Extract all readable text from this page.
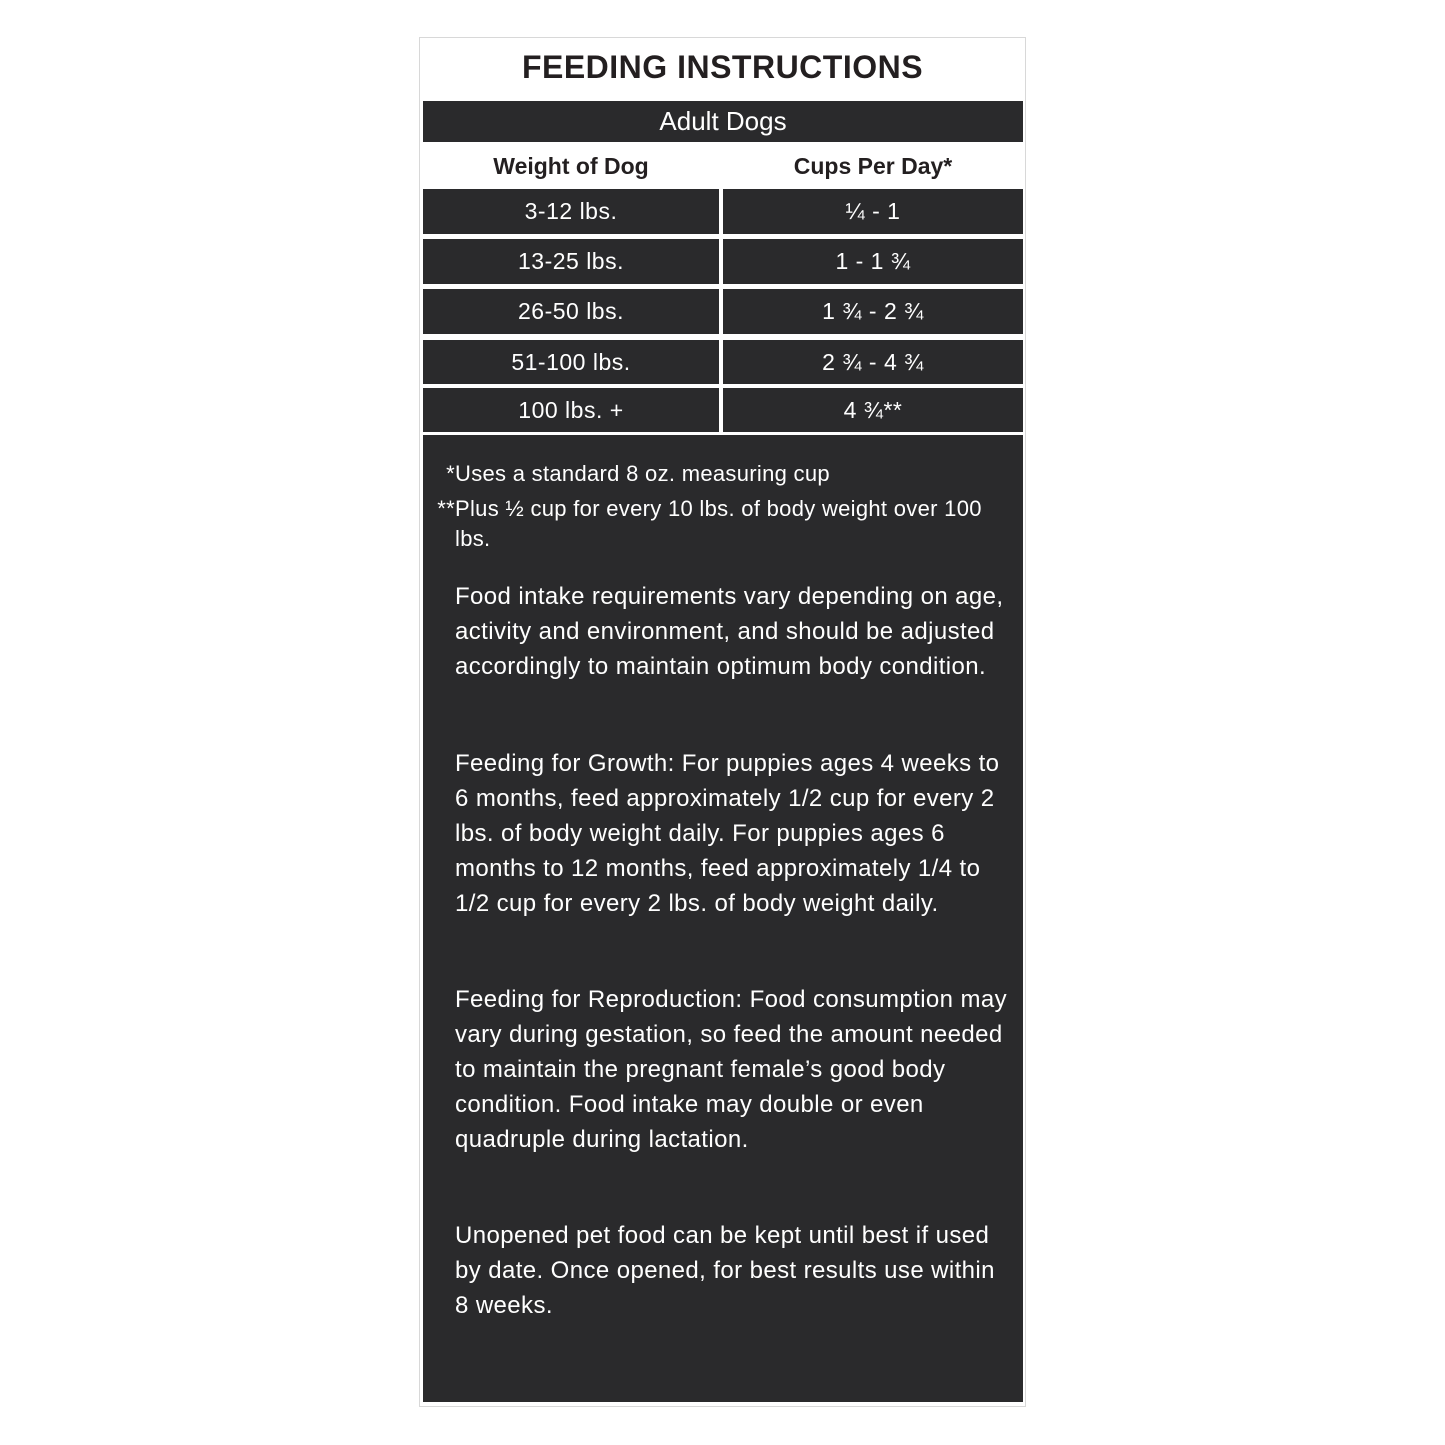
FEEDING INSTRUCTIONS
Adult Dogs
Weight of Dog	Cups Per Day*
3-12 lbs.	¼ - 1
13-25 lbs.	1 - 1 ¾
26-50 lbs.	1 ¾ - 2 ¾
51-100 lbs.	2 ¾ - 4 ¾
100 lbs. +	4 ¾**
*Uses a standard 8 oz. measuring cup
**Plus ½ cup for every 10 lbs. of body weight over 100 lbs.

Food intake requirements vary depending on age, activity and environment, and should be adjusted accordingly to maintain optimum body condition.

Feeding for Growth: For puppies ages 4 weeks to 6 months, feed approximately 1/2 cup for every 2 lbs. of body weight daily. For puppies ages 6 months to 12 months, feed approximately 1/4 to 1/2 cup for every 2 lbs. of body weight daily.

Feeding for Reproduction: Food consumption may vary during gestation, so feed the amount needed to maintain the pregnant female’s good body condition. Food intake may double or even quadruple during lactation.

Unopened pet food can be kept until best if used by date. Once opened, for best results use within 8 weeks.
